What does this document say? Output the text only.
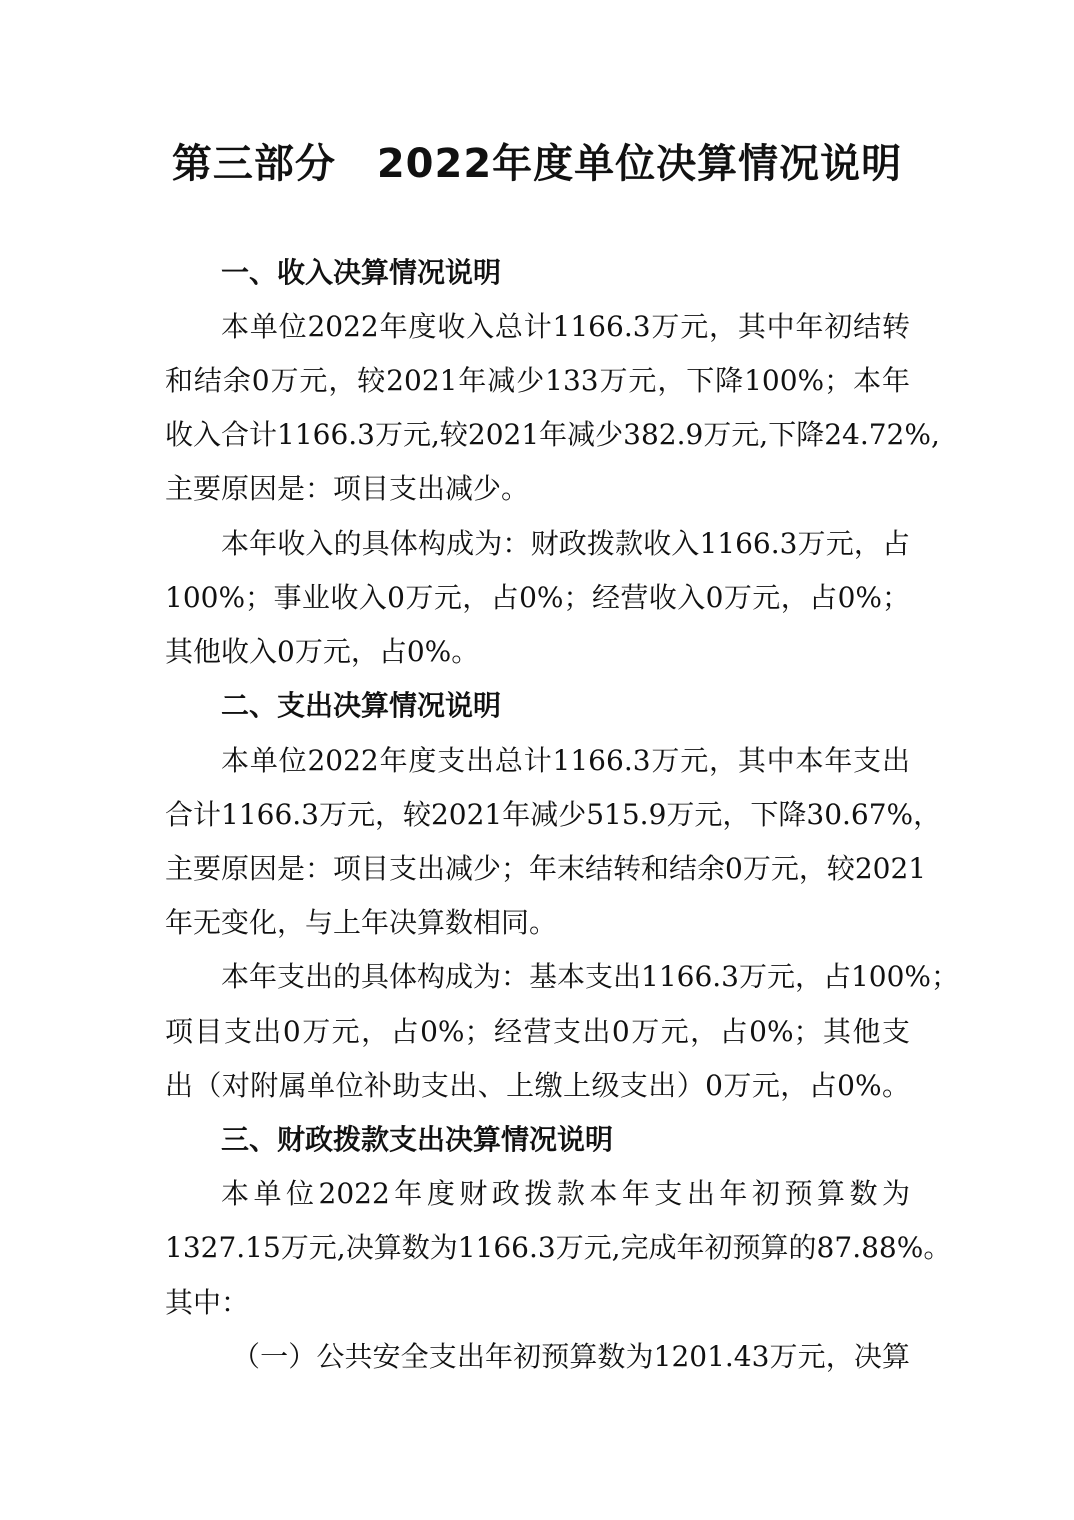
第三部分　2022年度单位决算情况说明
一、收入决算情况说明
本单位2022年度收入总计1166.3万元，其中年初结转
和结余0万元，较2021年减少133万元，下降100%；本年
收入合计1166.3万元,较2021年减少382.9万元,下降24.72%,
主要原因是：项目支出减少。
本年收入的具体构成为：财政拨款收入1166.3万元，占
100%；事业收入0万元，占0%；经营收入0万元，占0%；
其他收入0万元，占0%。
二、支出决算情况说明
本单位2022年度支出总计1166.3万元，其中本年支出
合计1166.3万元，较2021年减少515.9万元，下降30.67%，
主要原因是：项目支出减少；年末结转和结余0万元，较2021
年无变化，与上年决算数相同。
本年支出的具体构成为：基本支出1166.3万元，占100%；
项目支出0万元，占0%；经营支出0万元，占0%；其他支
出（对附属单位补助支出、上缴上级支出）0万元，占0%。
三、财政拨款支出决算情况说明
本单位2022年度财政拨款本年支出年初预算数为
1327.15万元,决算数为1166.3万元,完成年初预算的87.88%。
其中：
（一）公共安全支出年初预算数为1201.43万元，决算
